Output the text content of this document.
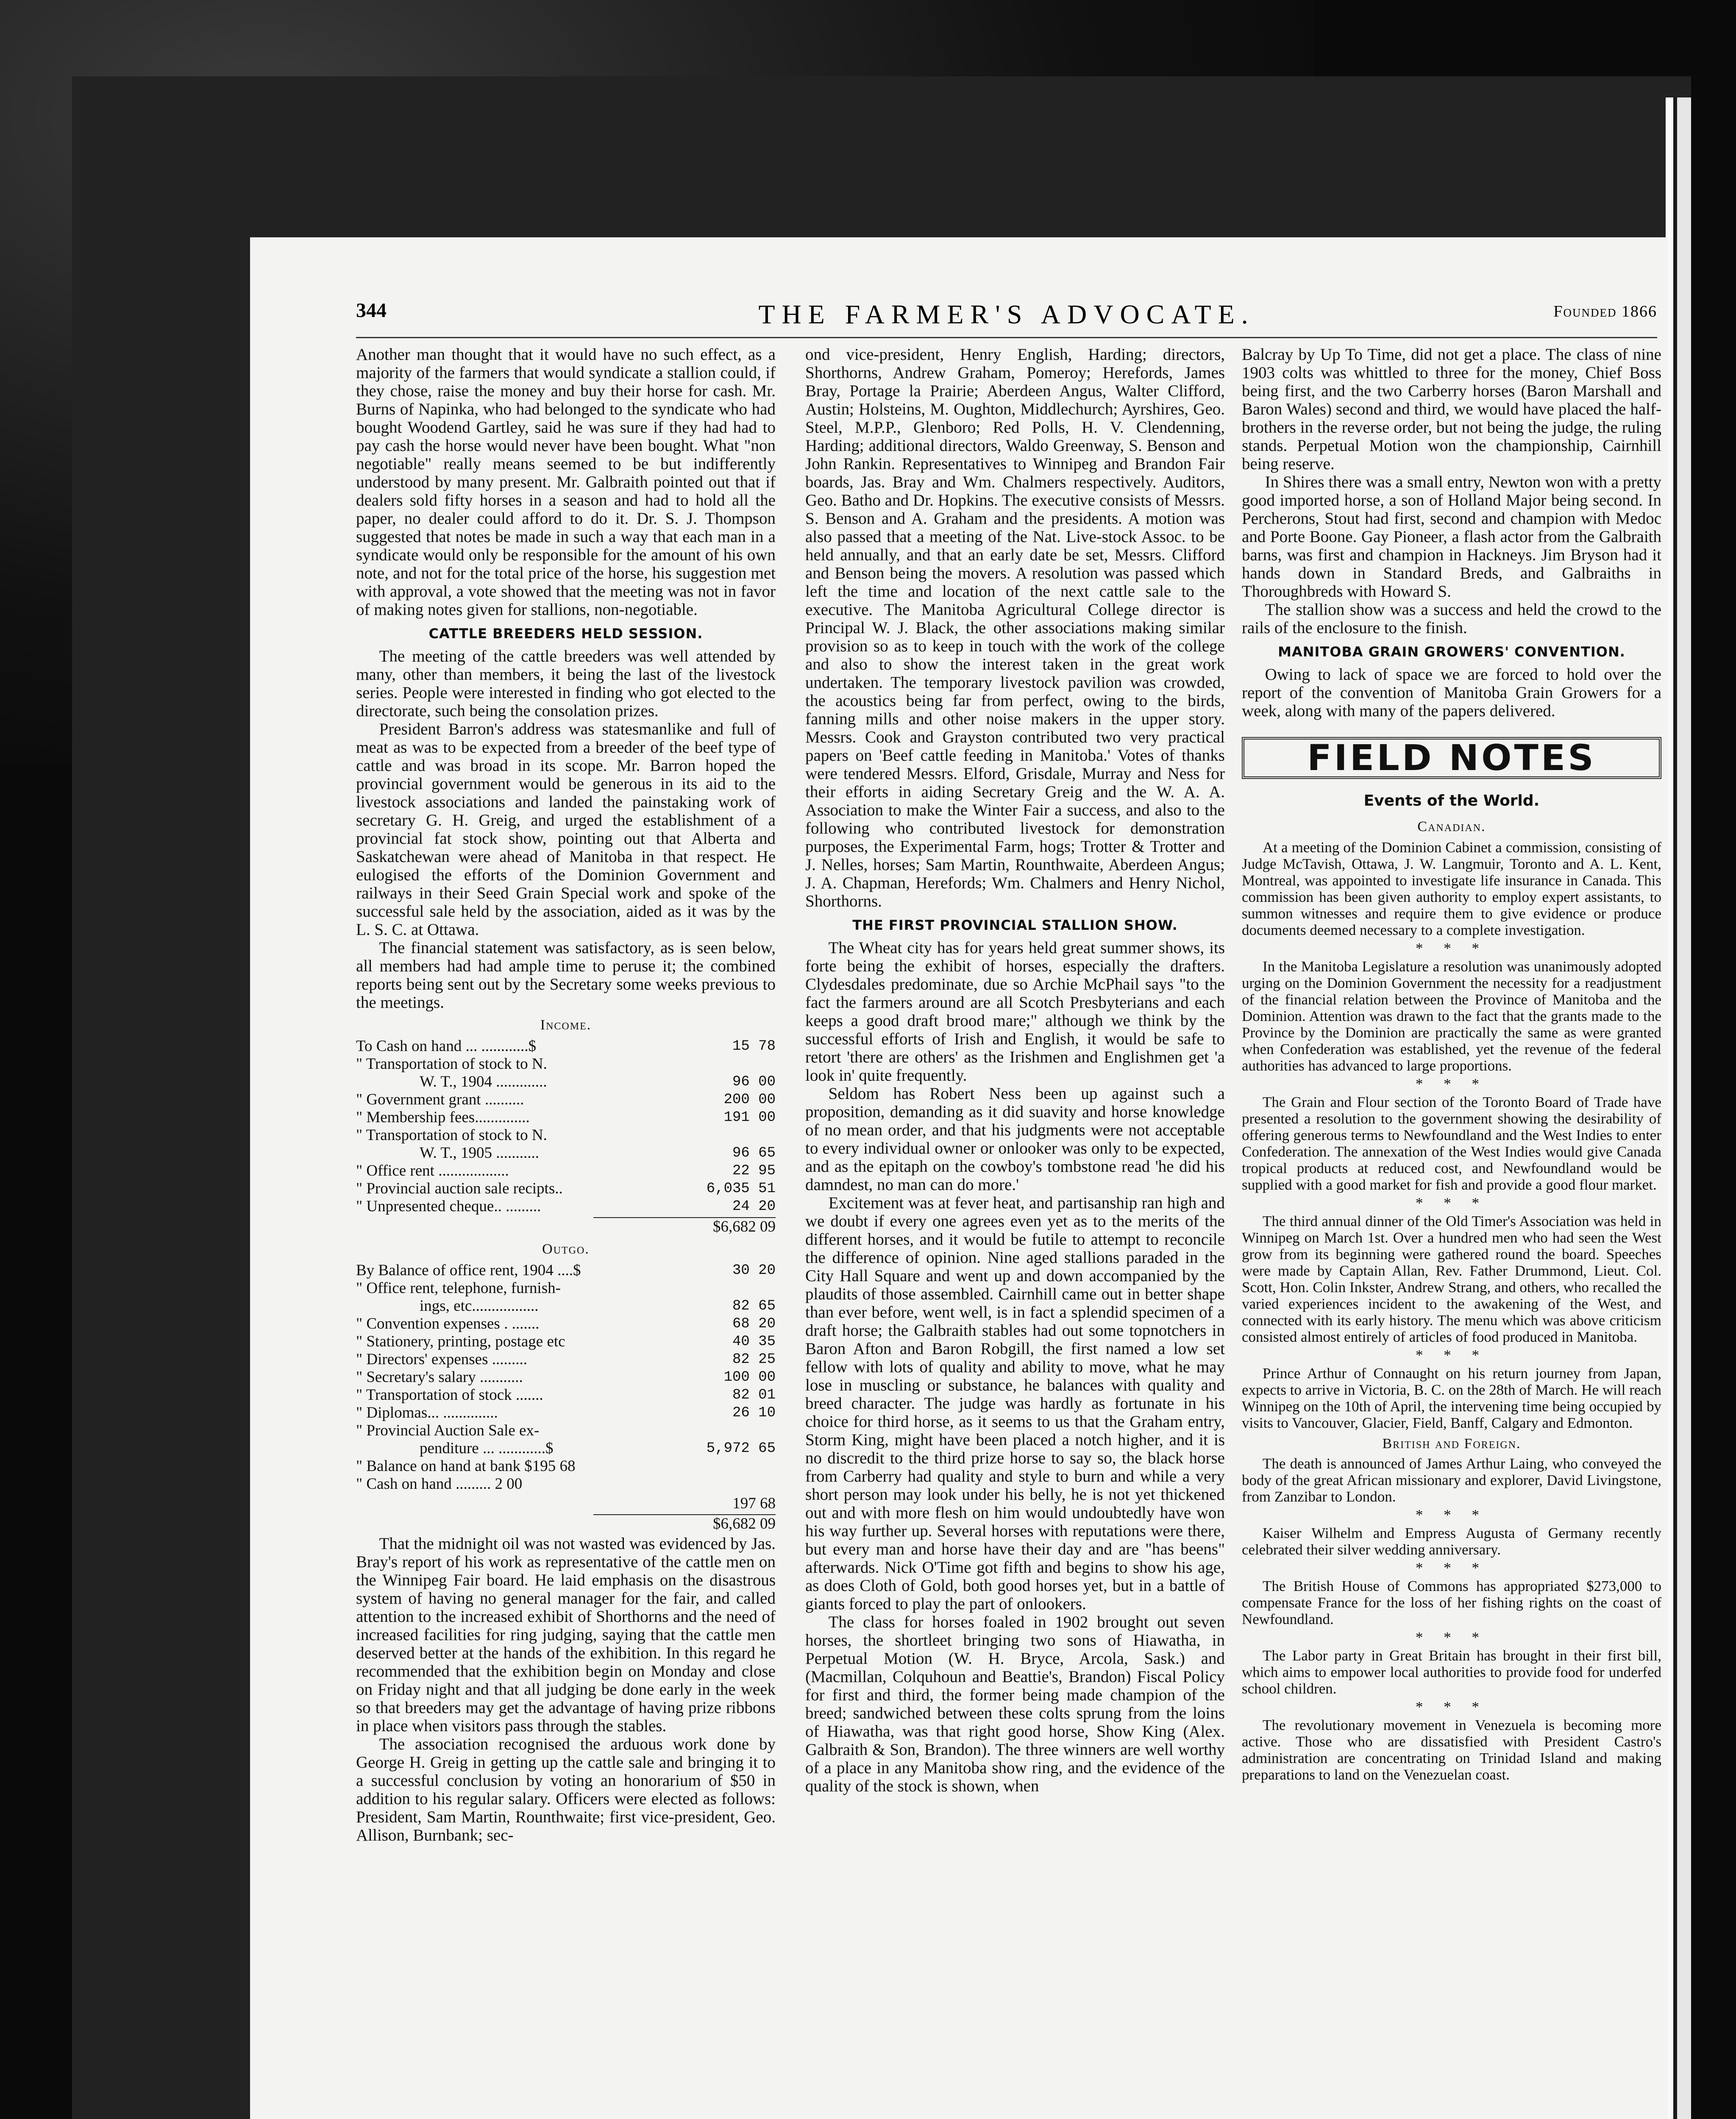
344	THE FARMER'S ADVOCATE.	Founded 1866

Another man thought that it would have no such effect, as a majority of the farmers that would syndicate a stallion could, if they chose, raise the money and buy their horse for cash. Mr. Burns of Napinka, who had belonged to the syndicate who had bought Woodend Gartley, said he was sure if they had had to pay cash the horse would never have been bought. What "non negotiable" really means seemed to be but indifferently understood by many present. Mr. Galbraith pointed out that if dealers sold fifty horses in a season and had to hold all the paper, no dealer could afford to do it. Dr. S. J. Thompson suggested that notes be made in such a way that each man in a syndicate would only be responsible for the amount of his own note, and not for the total price of the horse, his suggestion met with approval, a vote showed that the meeting was not in favor of making notes given for stallions, non-negotiable.

CATTLE BREEDERS HELD SESSION.

The meeting of the cattle breeders was well attended by many, other than members, it being the last of the livestock series. People were interested in finding who got elected to the directorate, such being the consolation prizes.

President Barron's address was statesmanlike and full of meat as was to be expected from a breeder of the beef type of cattle and was broad in its scope. Mr. Barron hoped the provincial government would be generous in its aid to the livestock associations and landed the painstaking work of secretary G. H. Greig, and urged the establishment of a provincial fat stock show, pointing out that Alberta and Saskatchewan were ahead of Manitoba in that respect. He eulogised the efforts of the Dominion Government and railways in their Seed Grain Special work and spoke of the successful sale held by the association, aided as it was by the L. S. C. at Ottawa.

The financial statement was satisfactory, as is seen below, all members had had ample time to peruse it; the combined reports being sent out by the Secretary some weeks previous to the meetings.

Income.
To Cash on hand ... ............$	15 78
" Transportation of stock to N.
W. T., 1904 .............	96 00
" Government grant ..........	200 00
" Membership fees..............	191 00
" Transportation of stock to N.
W. T., 1905 ...........	96 65
" Office rent ..................	22 95
" Provincial auction sale recipts..	6,035 51
" Unpresented cheque.. .........	24 20
$6,682 09
Outgo.
By Balance of office rent, 1904 ....$	30 20
" Office rent, telephone, furnish-
ings, etc.................	82 65
" Convention expenses . .......	68 20
" Stationery, printing, postage etc	40 35
" Directors' expenses .........	82 25
" Secretary's salary ...........	100 00
" Transportation of stock .......	82 01
" Diplomas... ..............	26 10
" Provincial Auction Sale ex-
penditure ... ............$	5,972 65
" Balance on hand at bank $195 68
" Cash on hand ......... 2 00
197 68
$6,682 09

That the midnight oil was not wasted was evidenced by Jas. Bray's report of his work as representative of the cattle men on the Winnipeg Fair board. He laid emphasis on the disastrous system of having no general manager for the fair, and called attention to the increased exhibit of Shorthorns and the need of increased facilities for ring judging, saying that the cattle men deserved better at the hands of the exhibition. In this regard he recommended that the exhibition begin on Monday and close on Friday night and that all judging be done early in the week so that breeders may get the advantage of having prize ribbons in place when visitors pass through the stables.

The association recognised the arduous work done by George H. Greig in getting up the cattle sale and bringing it to a successful conclusion by voting an honorarium of $50 in addition to his regular salary. Officers were elected as follows: President, Sam Martin, Rounthwaite; first vice-president, Geo. Allison, Burnbank; sec-

ond vice-president, Henry English, Harding; directors, Shorthorns, Andrew Graham, Pomeroy; Herefords, James Bray, Portage la Prairie; Aberdeen Angus, Walter Clifford, Austin; Holsteins, M. Oughton, Middlechurch; Ayrshires, Geo. Steel, M.P.P., Glenboro; Red Polls, H. V. Clendenning, Harding; additional directors, Waldo Greenway, S. Benson and John Rankin. Representatives to Winnipeg and Brandon Fair boards, Jas. Bray and Wm. Chalmers respectively. Auditors, Geo. Batho and Dr. Hopkins. The executive consists of Messrs. S. Benson and A. Graham and the presidents. A motion was also passed that a meeting of the Nat. Live-stock Assoc. to be held annually, and that an early date be set, Messrs. Clifford and Benson being the movers. A resolution was passed which left the time and location of the next cattle sale to the executive. The Manitoba Agricultural College director is Principal W. J. Black, the other associations making similar provision so as to keep in touch with the work of the college and also to show the interest taken in the great work undertaken. The temporary livestock pavilion was crowded, the acoustics being far from perfect, owing to the birds, fanning mills and other noise makers in the upper story. Messrs. Cook and Grayston contributed two very practical papers on 'Beef cattle feeding in Manitoba.' Votes of thanks were tendered Messrs. Elford, Grisdale, Murray and Ness for their efforts in aiding Secretary Greig and the W. A. A. Association to make the Winter Fair a success, and also to the following who contributed livestock for demonstration purposes, the Experimental Farm, hogs; Trotter & Trotter and J. Nelles, horses; Sam Martin, Rounthwaite, Aberdeen Angus; J. A. Chapman, Herefords; Wm. Chalmers and Henry Nichol, Shorthorns.

THE FIRST PROVINCIAL STALLION SHOW.

The Wheat city has for years held great summer shows, its forte being the exhibit of horses, especially the drafters. Clydesdales predominate, due so Archie McPhail says "to the fact the farmers around are all Scotch Presbyterians and each keeps a good draft brood mare;" although we think by the successful efforts of Irish and English, it would be safe to retort 'there are others' as the Irishmen and Englishmen get 'a look in' quite frequently.

Seldom has Robert Ness been up against such a proposition, demanding as it did suavity and horse knowledge of no mean order, and that his judgments were not acceptable to every individual owner or onlooker was only to be expected, and as the epitaph on the cowboy's tombstone read 'he did his damndest, no man can do more.'

Excitement was at fever heat, and partisanship ran high and we doubt if every one agrees even yet as to the merits of the different horses, and it would be futile to attempt to reconcile the difference of opinion. Nine aged stallions paraded in the City Hall Square and went up and down accompanied by the plaudits of those assembled. Cairnhill came out in better shape than ever before, went well, is in fact a splendid specimen of a draft horse; the Galbraith stables had out some topnotchers in Baron Afton and Baron Robgill, the first named a low set fellow with lots of quality and ability to move, what he may lose in muscling or substance, he balances with quality and breed character. The judge was hardly as fortunate in his choice for third horse, as it seems to us that the Graham entry, Storm King, might have been placed a notch higher, and it is no discredit to the third prize horse to say so, the black horse from Carberry had quality and style to burn and while a very short person may look under his belly, he is not yet thickened out and with more flesh on him would undoubtedly have won his way further up. Several horses with reputations were there, but every man and horse have their day and are "has beens" afterwards. Nick O'Time got fifth and begins to show his age, as does Cloth of Gold, both good horses yet, but in a battle of giants forced to play the part of onlookers.

The class for horses foaled in 1902 brought out seven horses, the shortleet bringing two sons of Hiawatha, in Perpetual Motion (W. H. Bryce, Arcola, Sask.) and (Macmillan, Colquhoun and Beattie's, Brandon) Fiscal Policy for first and third, the former being made champion of the breed; sandwiched between these colts sprung from the loins of Hiawatha, was that right good horse, Show King (Alex. Galbraith & Son, Brandon). The three winners are well worthy of a place in any Manitoba show ring, and the evidence of the quality of the stock is shown, when

Balcray by Up To Time, did not get a place. The class of nine 1903 colts was whittled to three for the money, Chief Boss being first, and the two Carberry horses (Baron Marshall and Baron Wales) second and third, we would have placed the half-brothers in the reverse order, but not being the judge, the ruling stands. Perpetual Motion won the championship, Cairnhill being reserve.

In Shires there was a small entry, Newton won with a pretty good imported horse, a son of Holland Major being second. In Percherons, Stout had first, second and champion with Medoc and Porte Boone. Gay Pioneer, a flash actor from the Galbraith barns, was first and champion in Hackneys. Jim Bryson had it hands down in Standard Breds, and Galbraiths in Thoroughbreds with Howard S.

The stallion show was a success and held the crowd to the rails of the enclosure to the finish.

MANITOBA GRAIN GROWERS' CONVENTION.

Owing to lack of space we are forced to hold over the report of the convention of Manitoba Grain Growers for a week, along with many of the papers delivered.

FIELD NOTES
Events of the World.
Canadian.

At a meeting of the Dominion Cabinet a commission, consisting of Judge McTavish, Ottawa, J. W. Langmuir, Toronto and A. L. Kent, Montreal, was appointed to investigate life insurance in Canada. This commission has been given authority to employ expert assistants, to summon witnesses and require them to give evidence or produce documents deemed necessary to a complete investigation.

* * *

In the Manitoba Legislature a resolution was unanimously adopted urging on the Dominion Government the necessity for a readjustment of the financial relation between the Province of Manitoba and the Dominion. Attention was drawn to the fact that the grants made to the Province by the Dominion are practically the same as were granted when Confederation was established, yet the revenue of the federal authorities has advanced to large proportions.

* * *

The Grain and Flour section of the Toronto Board of Trade have presented a resolution to the government showing the desirability of offering generous terms to Newfoundland and the West Indies to enter Confederation. The annexation of the West Indies would give Canada tropical products at reduced cost, and Newfoundland would be supplied with a good market for fish and provide a good flour market.

* * *

The third annual dinner of the Old Timer's Association was held in Winnipeg on March 1st. Over a hundred men who had seen the West grow from its beginning were gathered round the board. Speeches were made by Captain Allan, Rev. Father Drummond, Lieut. Col. Scott, Hon. Colin Inkster, Andrew Strang, and others, who recalled the varied experiences incident to the awakening of the West, and connected with its early history. The menu which was above criticism consisted almost entirely of articles of food produced in Manitoba.

* * *

Prince Arthur of Connaught on his return journey from Japan, expects to arrive in Victoria, B. C. on the 28th of March. He will reach Winnipeg on the 10th of April, the intervening time being occupied by visits to Vancouver, Glacier, Field, Banff, Calgary and Edmonton.

British and Foreign.

The death is announced of James Arthur Laing, who conveyed the body of the great African missionary and explorer, David Livingstone, from Zanzibar to London.

* * *

Kaiser Wilhelm and Empress Augusta of Germany recently celebrated their silver wedding anniversary.

* * *

The British House of Commons has appropriated $273,000 to compensate France for the loss of her fishing rights on the coast of Newfoundland.

* * *

The Labor party in Great Britain has brought in their first bill, which aims to empower local authorities to provide food for underfed school children.

* * *

The revolutionary movement in Venezuela is becoming more active. Those who are dissatisfied with President Castro's administration are concentrating on Trinidad Island and making preparations to land on the Venezuelan coast.
